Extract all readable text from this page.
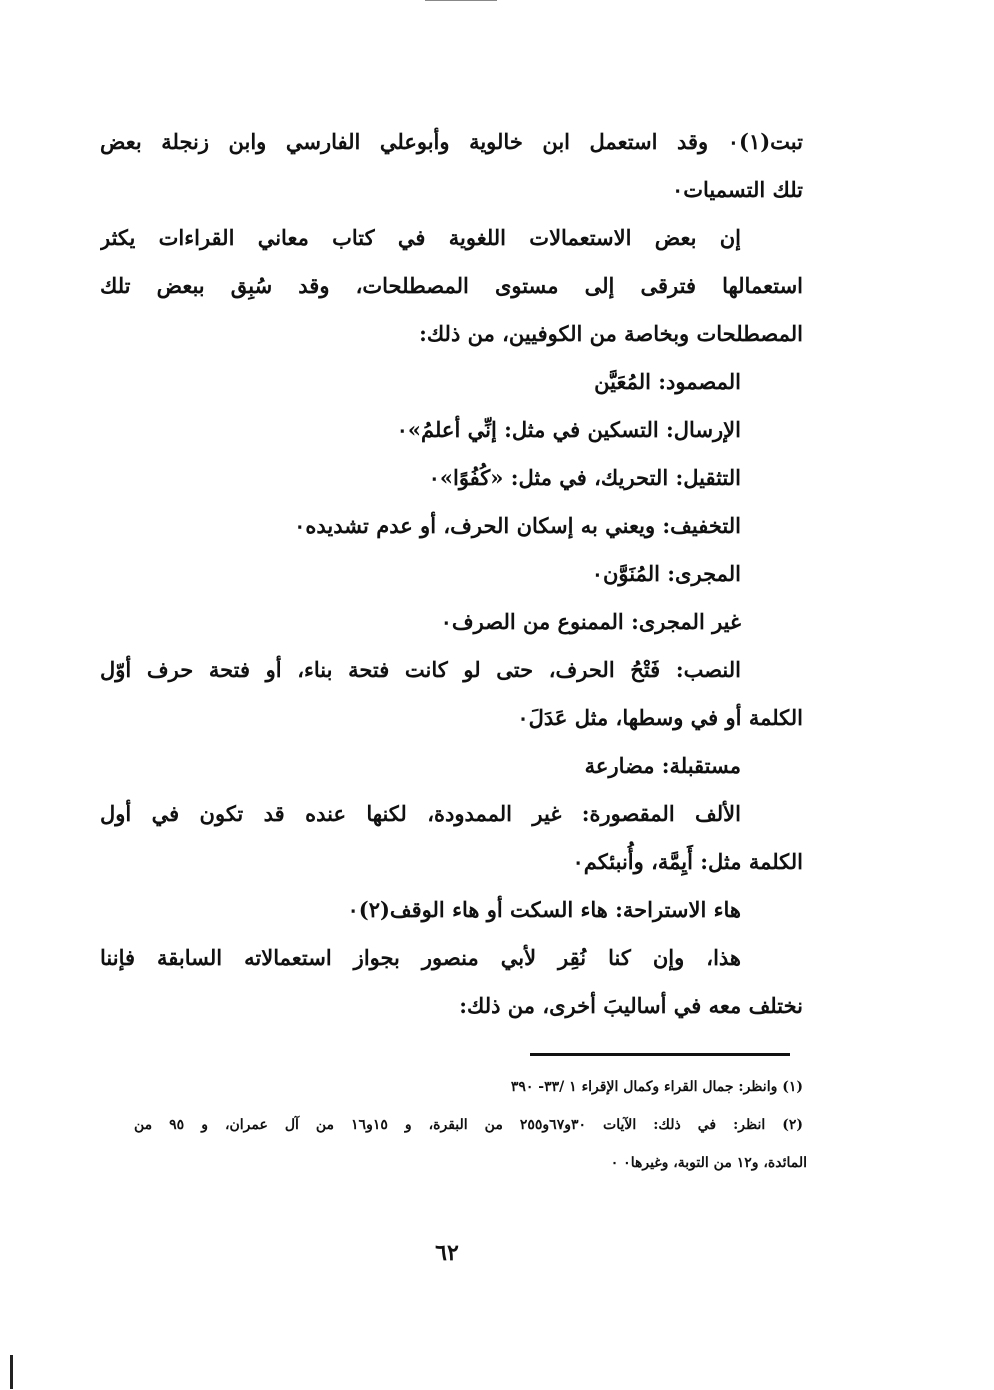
تبت(١)٠ وقد استعمل ابن خالوية وأبوعلي الفارسي وابن زنجلة بعض
تلك التسميات٠
إن بعض الاستعمالات اللغوية في كتاب معاني القراءات يكثر
استعمالها فترقى إلى مستوى المصطلحات، وقد سُبِق ببعض تلك
المصطلحات وبخاصة من الكوفيين، من ذلك:
المصمود: المُعَيَّن
الإرسال: التسكين في مثل: إنِّي أعلمُ»٠
التثقيل: التحريك، في مثل: «كُفُوًا»٠
التخفيف: ويعني به إسكان الحرف، أو عدم تشديده٠
المجرى: المُنَوَّن٠
غير المجرى: الممنوع من الصرف٠
النصب: فَتْحُ الحرف، حتى لو كانت فتحة بناء، أو فتحة حرف أوّل
الكلمة أو في وسطها، مثل عَدَلَ٠
مستقبلة: مضارعة
الألف المقصورة: غير الممدودة، لكنها عنده قد تكون في أول
الكلمة مثل: أَيِمَّة، وأُنبئكم٠
هاء الاستراحة: هاء السكت أو هاء الوقف(٢)٠
هذا، وإن كنا نُقِر لأبي منصور بجواز استعمالاته السابقة فإننا
نختلف معه في أساليبَ أخرى، من ذلك:
(١) وانظر: جمال القراء وكمال الإقراء ١ /٣٣- ٣٩٠
(٢) انظر: في ذلك: الآيات ٣٠و٦٧و٢٥٥ من البقرة، و ١٥و١٦ من آل عمران، و ٩٥ من
المائدة، و١٢ من التوبة، وغيرها٠ ٠
٦٢
